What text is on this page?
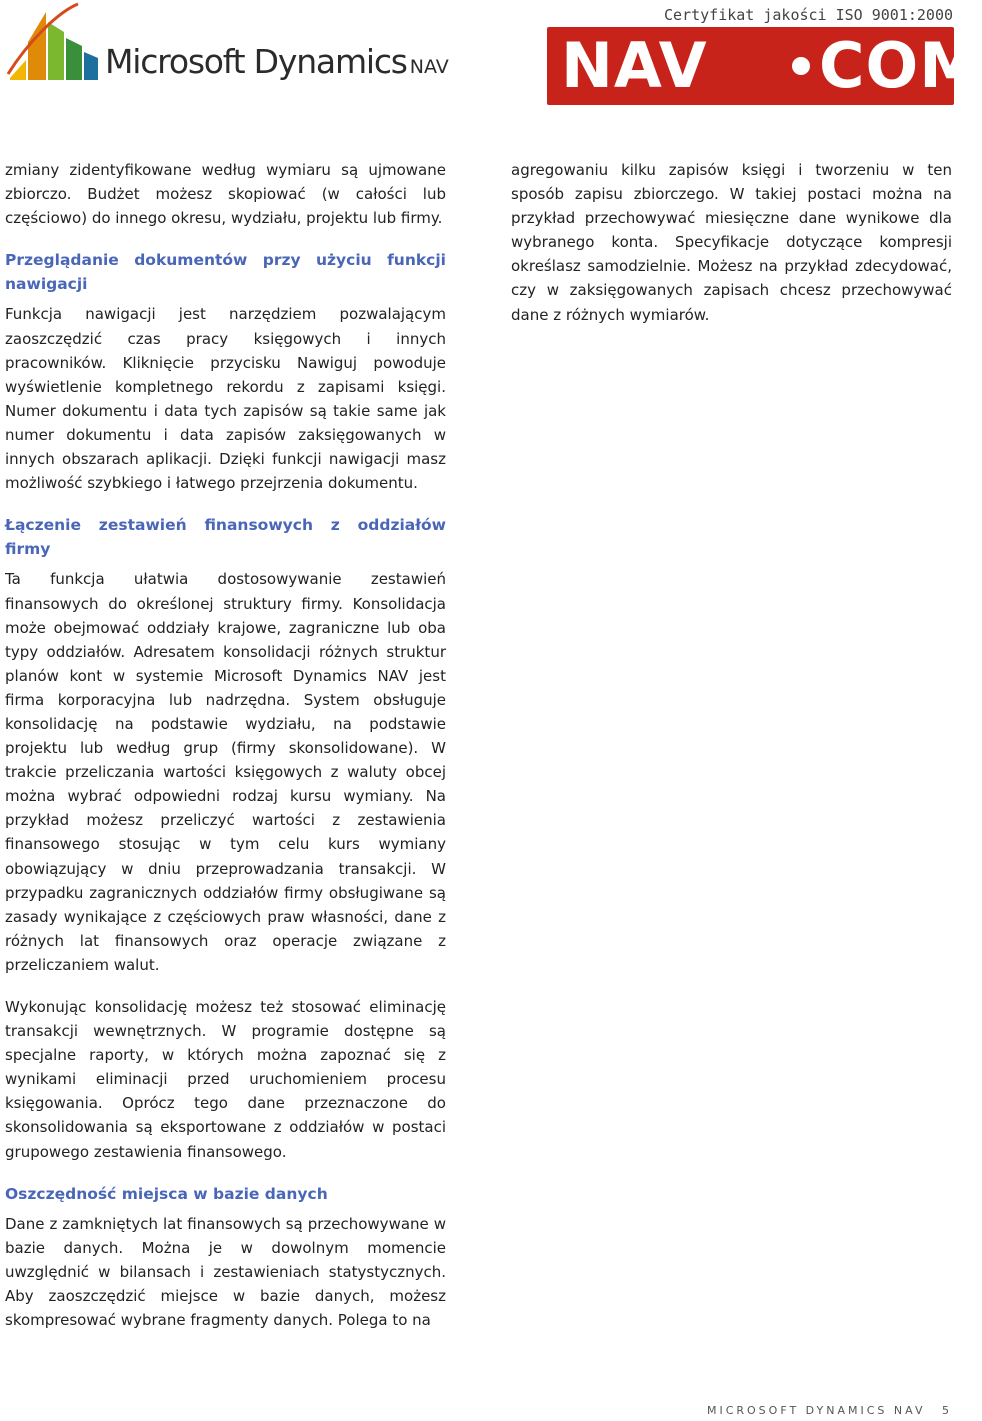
Microsoft Dynamics NAV
Certyfikat jakości ISO 9001:2000
NAV COM

zmiany zidentyfikowane według wymiaru są ujmowane zbiorczo. Budżet możesz skopiować (w całości lub częściowo) do innego okresu, wydziału, projektu lub firmy.

Przeglądanie dokumentów przy użyciu funkcji nawigacji

Funkcja nawigacji jest narzędziem pozwalającym zaoszczędzić czas pracy księgowych i innych pracowników. Kliknięcie przycisku Nawiguj powoduje wyświetlenie kompletnego rekordu z zapisami księgi. Numer dokumentu i data tych zapisów są takie same jak numer dokumentu i data zapisów zaksięgowanych w innych obszarach aplikacji. Dzięki funkcji nawigacji masz możliwość szybkiego i łatwego przejrzenia dokumentu.

Łączenie zestawień finansowych z oddziałów firmy

Ta funkcja ułatwia dostosowywanie zestawień finansowych do określonej struktury firmy. Konsolidacja może obejmować oddziały krajowe, zagraniczne lub oba typy oddziałów. Adresatem konsolidacji różnych struktur planów kont w systemie Microsoft Dynamics NAV jest firma korporacyjna lub nadrzędna. System obsługuje konsolidację na podstawie wydziału, na podstawie projektu lub według grup (firmy skonsolidowane). W trakcie przeliczania wartości księgowych z waluty obcej można wybrać odpowiedni rodzaj kursu wymiany. Na przykład możesz przeliczyć wartości z zestawienia finansowego stosując w tym celu kurs wymiany obowiązujący w dniu przeprowadzania transakcji. W przypadku zagranicznych oddziałów firmy obsługiwane są zasady wynikające z częściowych praw własności, dane z różnych lat finansowych oraz operacje związane z przeliczaniem walut.

Wykonując konsolidację możesz też stosować eliminację transakcji wewnętrznych. W programie dostępne są specjalne raporty, w których można zapoznać się z wynikami eliminacji przed uruchomieniem procesu księgowania. Oprócz tego dane przeznaczone do skonsolidowania są eksportowane z oddziałów w postaci grupowego zestawienia finansowego.

Oszczędność miejsca w bazie danych

Dane z zamkniętych lat finansowych są przechowywane w bazie danych. Można je w dowolnym momencie uwzględnić w bilansach i zestawieniach statystycznych. Aby zaoszczędzić miejsce w bazie danych, możesz skompresować wybrane fragmenty danych. Polega to na

agregowaniu kilku zapisów księgi i tworzeniu w ten sposób zapisu zbiorczego. W takiej postaci można na przykład przechowywać miesięczne dane wynikowe dla wybranego konta. Specyfikacje dotyczące kompresji określasz samodzielnie. Możesz na przykład zdecydować, czy w zaksięgowanych zapisach chcesz przechowywać dane z różnych wymiarów.

MICROSOFT DYNAMICS NAV 5
